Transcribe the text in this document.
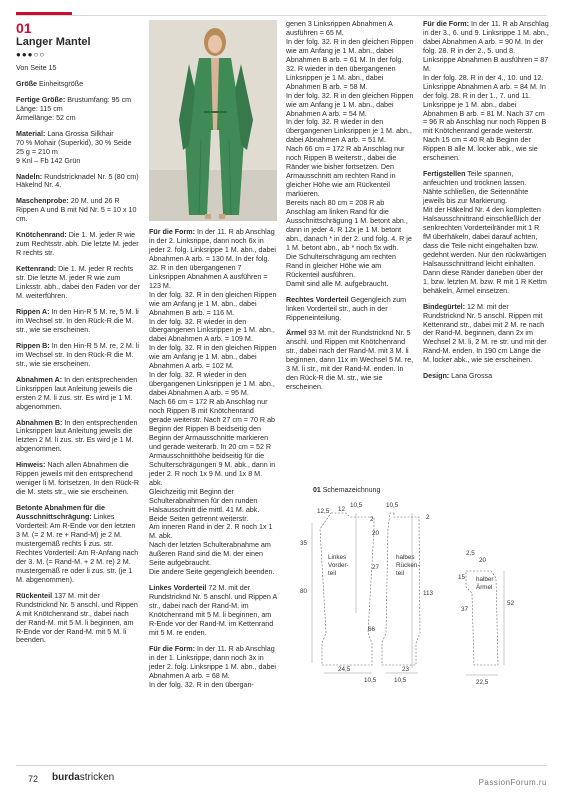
01
Langer Mantel
●●●○○

Von Seite 15

Größe Einheitsgröße

Fertige Größe: Brustumfang: 95 cm
Länge: 115 cm
Ärmellänge: 52 cm

Material: Lana Grossa Silkhair
70 % Mohair (Superkid), 30 % Seide
25 g = 210 m
9 Knl – Fb 142 Grün

Nadeln: Rundstricknadel Nr. 5 (80 cm)
Häkelnd Nr. 4.

Maschenprobe: 20 M. und 26 R Rippen A und B mit Nd Nr. 5 = 10 x 10 cm.

Knötchenrand: Die 1. M. jeder R wie zum Rechtsstr. abh. Die letzte M. jeder R rechts str.

Kettenrand: Die 1. M. jeder R rechts str. Die letzte M. jeder R wie zum Linksstr. abh., dabei den Faden vor der M. weiterführen.

Rippen A: In den Hin-R 5 M. re, 5 M. li im Wechsel str. In den Rück-R die M. str., wie sie erscheinen.

Rippen B: In den Hin-R 5 M. re, 2 M. li im Wechsel str. In den Rück-R die M. str., wie sie erscheinen.

Abnahmen A: In den entsprechenden Linksrippen laut Anleitung jeweils die ersten 2 M. li zus. str. Es wird je 1 M. abgenommen.

Abnahmen B: In den entsprechenden Linksrippen laut Anleitung jeweils die letzten 2 M. li zus. str. Es wird je 1 M. abgenommen.

Hinweis: Nach allen Abnahmen die Rippen jeweils mit den entsprechend weniger li M. fortsetzen. In den Rück-R die M. stets str., wie sie erscheinen.

Betonte Abnahmen für die Ausschnittschrägung: Linkes Vorderteil: Am R-Ende vor den letzten 3 M. (= 2 M. re + Rand-M) je 2 M. mustergemäß rechts li zus. str. Rechtes Vorderteil: Am R-Anfang nach der 3. M. (= Rand-M. + 2 M. re) 2 M. mustergemäß re oder li zus. str. (je 1 M. abgenommen).

Rückenteil 137 M. mit der Rundstricknd Nr. 5 anschl. und Rippen A mit Knötchenrand str., dabei nach der Rand-M. mit 5 M. li beginnen, am R-Ende vor der Rand-M. mit 5 M. li beenden.

Für die Form: In der 11. R ab Anschlag in der 2. Linksrippe, dann noch 6x in jeder 2. folg. Linksrippe 1 M. abn., dabei Abnahmen A arb. = 130 M. In der folg. 32. R in den übergangenen 7 Linksrippen Abnahmen A ausführen = 123 M.
In der folg. 32. R in den gleichen Rippen wie am Anfang je 1 M. abn., dabei Abnahmen B arb. = 116 M.
In der folg. 32. R wieder in den übergangenen Linksrippen je 1 M. abn., dabei Abnahmen A arb. = 109 M.
In der folg. 32. R in den gleichen Rippen wie am Anfang je 1 M. abn., dabei Abnahmen A arb. = 102 M.
In der folg. 32. R wieder in den übergangenen Linksrippen je 1 M. abn., dabei Abnahmen A arb. = 95 M.
Nach 66 cm = 172 R ab Anschlag nur noch Rippen B mit Knötchenrand gerade weiterstr. Nach 27 cm = 70 R ab Beginn der Rippen B beidseitig den Beginn der Armausschnitte markieren und gerade weiterarb. In 20 cm = 52 R Armausschnitthöhe beidseitig für die Schulterschrägungen 9 M. abk., dann in jeder 2. R noch 1x 9 M. und 1x 8 M. abk.
Gleichzeitig mit Beginn der Schulterabnahmen für den runden Halsausschnitt die mittl. 41 M. abk. Beide Seiten getrennt weiterstr.
Am inneren Rand in der 2. R noch 1x 1 M. abk.
Nach der letzten Schulterabnahme am äußeren Rand sind die M. der einen Seite aufgebraucht.
Die andere Seite gegengleich beenden.

Linkes Vorderteil 72 M. mit der Rundstricknd Nr. 5 anschl. und Rippen A str., dabei nach der Rand-M. im Knötchenrand mit 5 M. li beginnen, am R-Ende vor der Rand-M. im Kettenrand mit 5 M. re enden.

Für die Form: In der 11. R ab Anschlag in der 1. Linksrippe, dann noch 3x in jeder 2. folg. Linksrippe 1 M. abn., dabei Abnahmen A arb. = 68 M.
In der folg. 32. R in den übergan-

genen 3 Linksrippen Abnahmen A ausführen = 65 M.
In der folg. 32. R in den gleichen Rippen wie am Anfang je 1 M. abn., dabei Abnahmen B arb. = 61 M. In der folg. 32. R wieder in den übergangenen Linksrippen je 1 M. abn., dabei Abnahmen B arb. = 58 M.
In der folg. 32. R in den gleichen Rippen wie am Anfang je 1 M. abn., dabei Abnahmen A arb. = 54 M.
In der folg. 32. R wieder in den übergangenen Linksrippen je 1 M. abn., dabei Abnahmen A arb. = 51 M.
Nach 66 cm = 172 R ab Anschlag nur noch Rippen B weiterstr., dabei die Ränder wie bisher fortsetzen. Den Armausschnitt am rechten Rand in gleicher Höhe wie am Rückenteil markieren.
Bereits nach 80 cm = 208 R ab Anschlag am linken Rand für die Ausschnittschrägung 1 M. betont abn., dann in jeder 4. R 12x je 1 M. betont abn., danach * in der 2. und folg. 4. R je 1 M. betont abn., ab * noch 5x wdh.
Die Schulterschrägung am rechten Rand in gleicher Höhe wie am Rückenteil ausführen.
Damit sind alle M. aufgebraucht.

Rechtes Vorderteil Gegengleich zum linken Vorderteil str., auch in der Rippeneinteilung.

Ärmel 93 M. mit der Rundstricknd Nr. 5 anschl. und Rippen mit Knötchenrand str., dabei nach der Rand-M. mit 3 M. li beginnen, dann 11x im Wechsel 5 M. re, 3 M. li str., mit der Rand-M. enden. In den Rück-R die M. str., wie sie erscheinen.

Für die Form: In der 11. R ab Anschlag in der 3., 6. und 9. Linksrippe 1 M. abn., dabei Abnahmen A arb. = 90 M. In der folg. 28. R in der 2., 5. und 8. Linksrippe Abnahmen B ausführen = 87 M.
In der folg. 28. R in der 4., 10. und 12. Linksrippe Abnahmen A arb. = 84 M. In der folg. 28. R in der 1., 7. und 11. Linksrippe je 1 M. abn., dabei Abnahmen B arb. = 81 M. Nach 37 cm = 96 R ab Anschlag nur noch Rippen B mit Knötchenrand gerade weiterstr.
Nach 15 cm = 40 R ab Beginn der Rippen B alle M. locker abk., wie sie erscheinen.

Fertigstellen Teile spannen, anfeuchten und trocknen lassen.
Nähte schließen, die Seitennähte jeweils bis zur Markierung.
Mit der Häkelnd Nr. 4 den kompletten Halsausschnittrand einschließlich der senkrechten Vorderteilränder mit 1 R fM überhäkeln, dabei darauf achten, dass die Teile nicht eingehalten bzw. gedehnt werden. Nur den rückwärtigen Halsausschnittrand leicht einhalten. Dann diese Ränder daneben über der 1. bzw. letzten M. bzw. R mit 1 R Kettm behäkeln, Ärmel einsetzen.

Bindegürtel: 12 M. mit der Rundstricknd Nr. 5 anschl. Rippen mit Kettenrand str., dabei mit 2 M. re nach der Rand-M. beginnen, dann 2x im Wechsel 2 M. li, 2 M. re str. und mit der Rand-M. enden. In 190 cm Länge die M. locker abk., wie sie erscheinen.

Design: Lana Grossa

01 Schemazeichnung
12,5 12
10,5	10,5
2	2
20
35
27
80
66
113
24,5
10,5	10,5
23
2,5
20
15
37
52
22,5
Linkes
Vorder-
teil
halbes
Rücken-
teil
halber
Ärmel
72 burdastricken	PassionForum.ru
